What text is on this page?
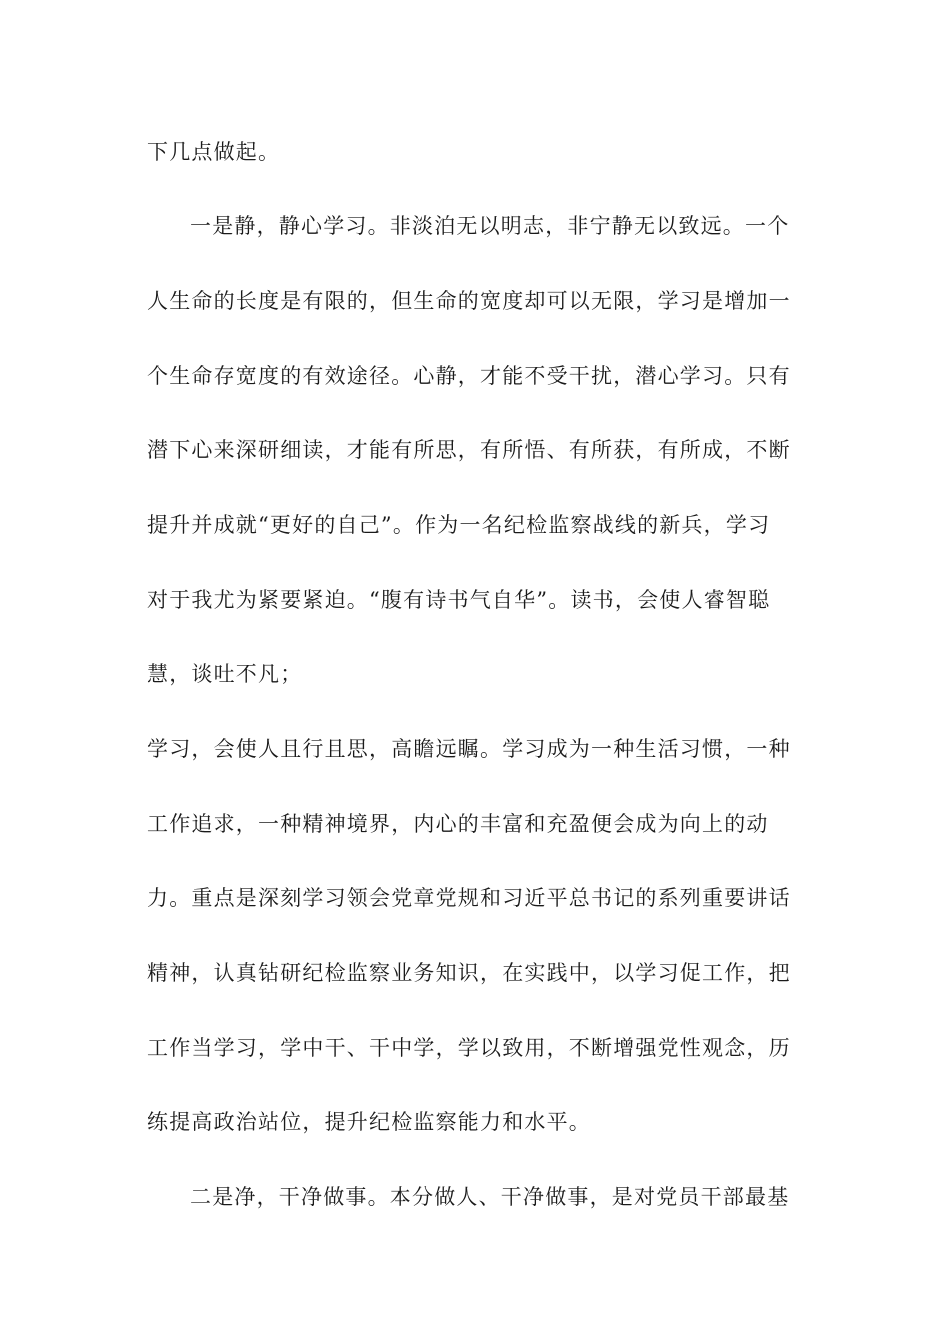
下几点做起。
一是静，静心学习。非淡泊无以明志，非宁静无以致远。一个
人生命的长度是有限的，但生命的宽度却可以无限，学习是增加一
个生命存宽度的有效途径。心静，才能不受干扰，潜心学习。只有
潜下心来深研细读，才能有所思，有所悟、有所获，有所成，不断
提升并成就“更好的自己”。作为一名纪检监察战线的新兵，学习
对于我尤为紧要紧迫。“腹有诗书气自华”。读书，会使人睿智聪
慧，谈吐不凡；
学习，会使人且行且思，高瞻远瞩。学习成为一种生活习惯，一种
工作追求，一种精神境界，内心的丰富和充盈便会成为向上的动
力。重点是深刻学习领会党章党规和习近平总书记的系列重要讲话
精神，认真钻研纪检监察业务知识，在实践中，以学习促工作，把
工作当学习，学中干、干中学，学以致用，不断增强党性观念，历
练提高政治站位，提升纪检监察能力和水平。
二是净，干净做事。本分做人、干净做事，是对党员干部最基
